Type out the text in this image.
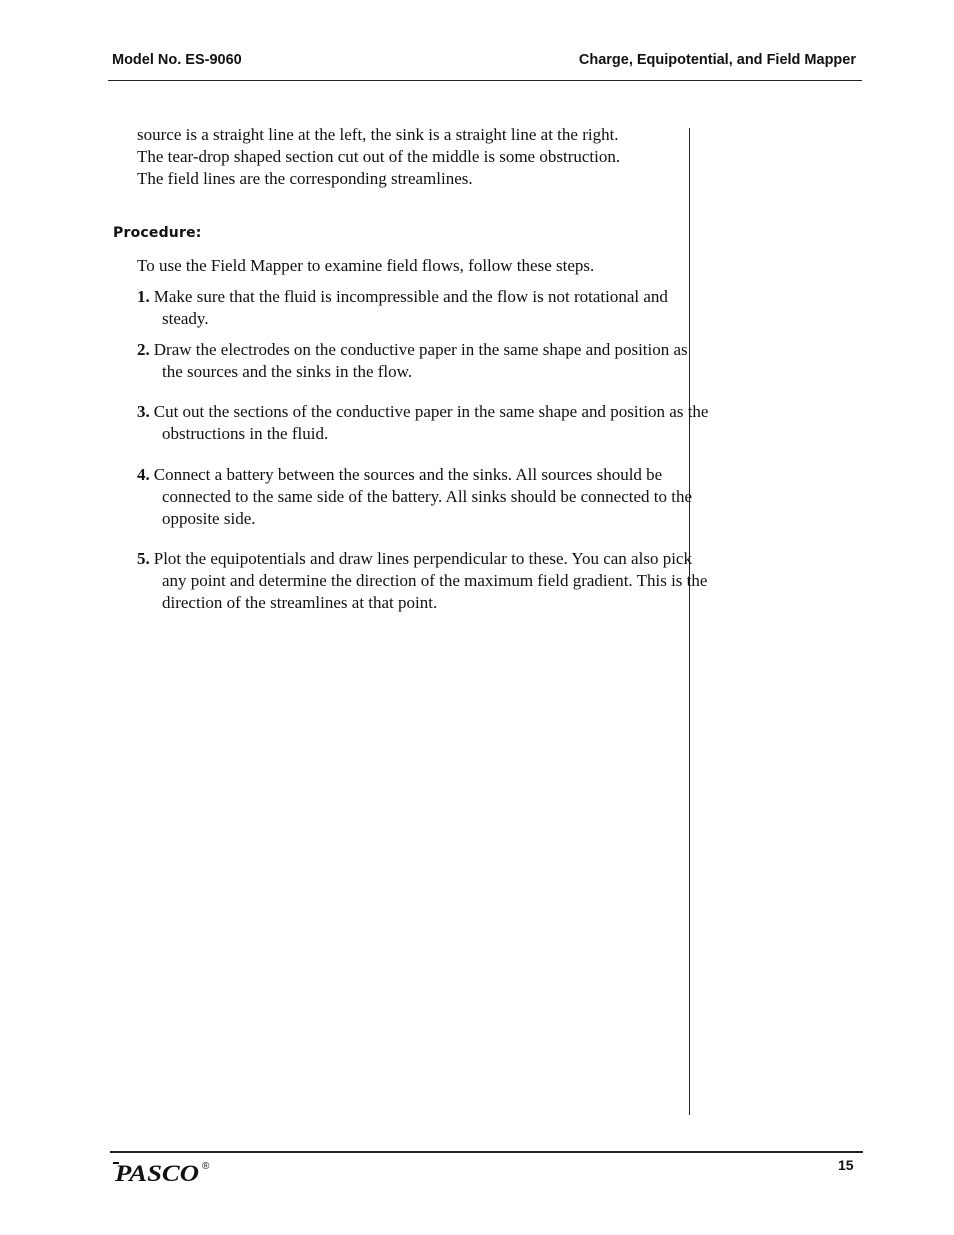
Model No. ES-9060	Charge, Equipotential, and Field Mapper

source is a straight line at the left, the sink is a straight line at the right.
The tear-drop shaped section cut out of the middle is some obstruction.
The field lines are the corresponding streamlines.

Procedure:

To use the Field Mapper to examine field flows, follow these steps.

1. Make sure that the fluid is incompressible and the flow is not rotational and steady.

2. Draw the electrodes on the conductive paper in the same shape and position as the sources and the sinks in the flow.

3. Cut out the sections of the conductive paper in the same shape and position as the obstructions in the fluid.

4. Connect a battery between the sources and the sinks. All sources should be connected to the same side of the battery. All sinks should be connected to the opposite side.

5. Plot the equipotentials and draw lines perpendicular to these. You can also pick any point and determine the direction of the maximum field gradient. This is the direction of the streamlines at that point.

PASCO ®	15
